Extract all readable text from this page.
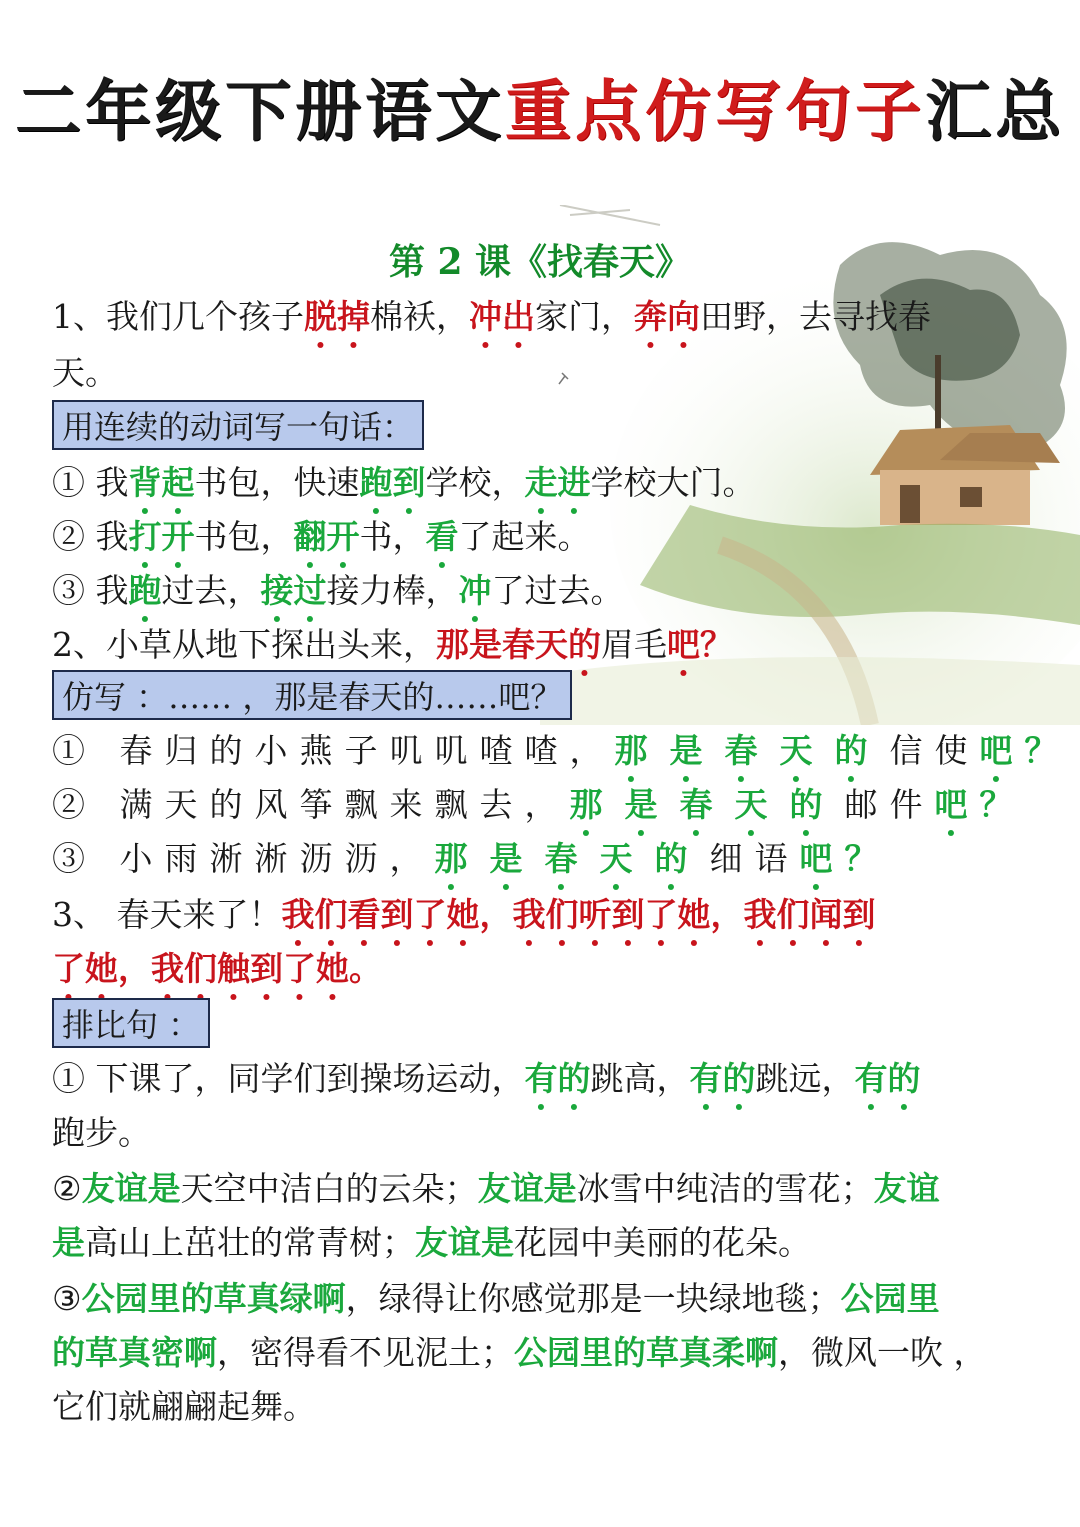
二年级下册语文重点仿写句子汇总
第 2 课《找春天》
1、我们几个孩子脱掉棉袄，冲出家门，奔向田野，去寻找春
天。
用连续的动词写一句话：
① 我背起书包，快速跑到学校，走进学校大门。
② 我打开书包，翻开书，看了起来。
③ 我跑过去，接过接力棒，冲了过去。
2、小草从地下探出头来，那是春天的眉毛吧？
仿写 ：…… ，那是春天的……吧？
① 春归的小燕子叽叽喳喳，那是春天的信使吧？
② 满天的风筝飘来飘去，那是春天的邮件吧？
③ 小雨淅淅沥沥，那是春天的细语吧？
3、 春天来了！我们看到了她，我们听到了她，我们闻到
了她，我们触到了她。
排比句 ：
① 下课了，同学们到操场运动，有的跳高，有的跳远，有的
跑步。
②友谊是天空中洁白的云朵；友谊是冰雪中纯洁的雪花；友谊
是高山上茁壮的常青树；友谊是花园中美丽的花朵。
③公园里的草真绿啊，绿得让你感觉那是一块绿地毯；公园里
的草真密啊，密得看不见泥土；公园里的草真柔啊，微风一吹 ，
它们就翩翩起舞。
